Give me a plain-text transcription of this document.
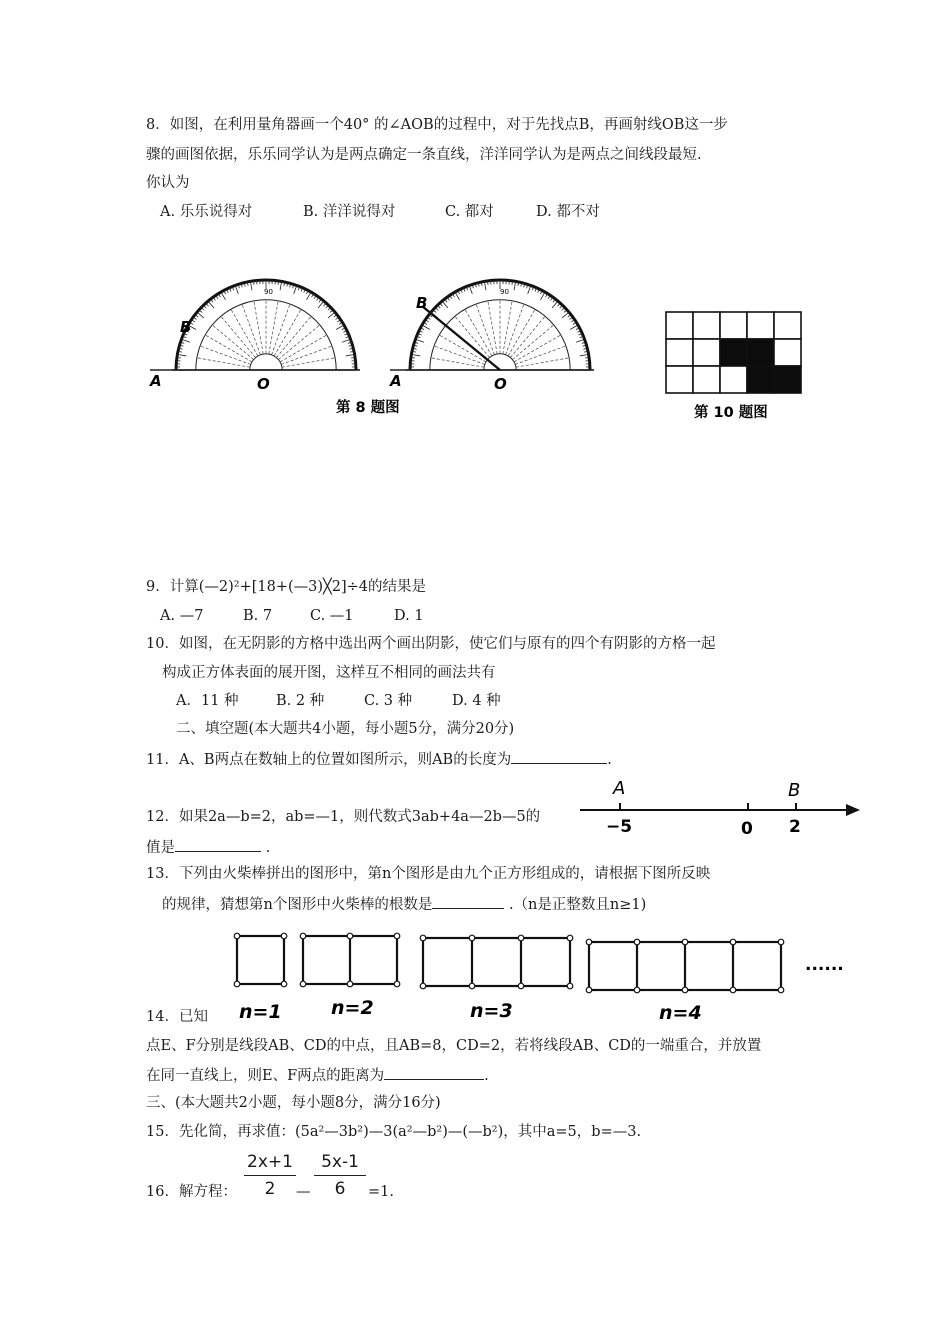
8．如图，在利用量角器画一个40° 的∠AOB的过程中，对于先找点B，再画射线OB这一步
骤的画图依据，乐乐同学认为是两点确定一条直线，洋洋同学认为是两点之间线段最短.
你认为
A. 乐乐说得对	B. 洋洋说得对	C. 都对	D. 都不对
B
A	O
B
A	O
90	90
第 8 题图	第 10 题图
9．计算(—2)²+[18+(—3)╳2]÷4的结果是
A. —7	B. 7	C. —1	D. 1
10．如图，在无阴影的方格中选出两个画出阴影，使它们与原有的四个有阴影的方格一起
构成正方体表面的展开图，这样互不相同的画法共有
A．11 种	B. 2 种	C. 3 种	D. 4 种
二、填空题(本大题共4小题，每小题5分，满分20分)
11．A、B两点在数轴上的位置如图所示，则AB的长度为	.
A	B
−5	0 2
12．如果2a—b=2，ab=—1，则代数式3ab+4a—2b—5的
值是	.
13．下列由火柴棒拼出的图形中，第n个图形是由九个正方形组成的，请根据下图所反映
的规律，猜想第n个图形中火柴棒的根数是	.（n是正整数且n≥1)
n=1	n=2	n=3	n=4
......
14．已知
点E、F分别是线段AB、CD的中点，且AB=8，CD=2，若将线段AB、CD的一端重合，并放置
在同一直线上，则E、F两点的距离为	.
三、(本大题共2小题，每小题8分，满分16分)
15．先化简，再求值：(5a²—3b²)—3(a²—b²)—(—b²)，其中a=5，b=—3.
16．解方程：
2x+1
2	—
5x-1
6	=1.
